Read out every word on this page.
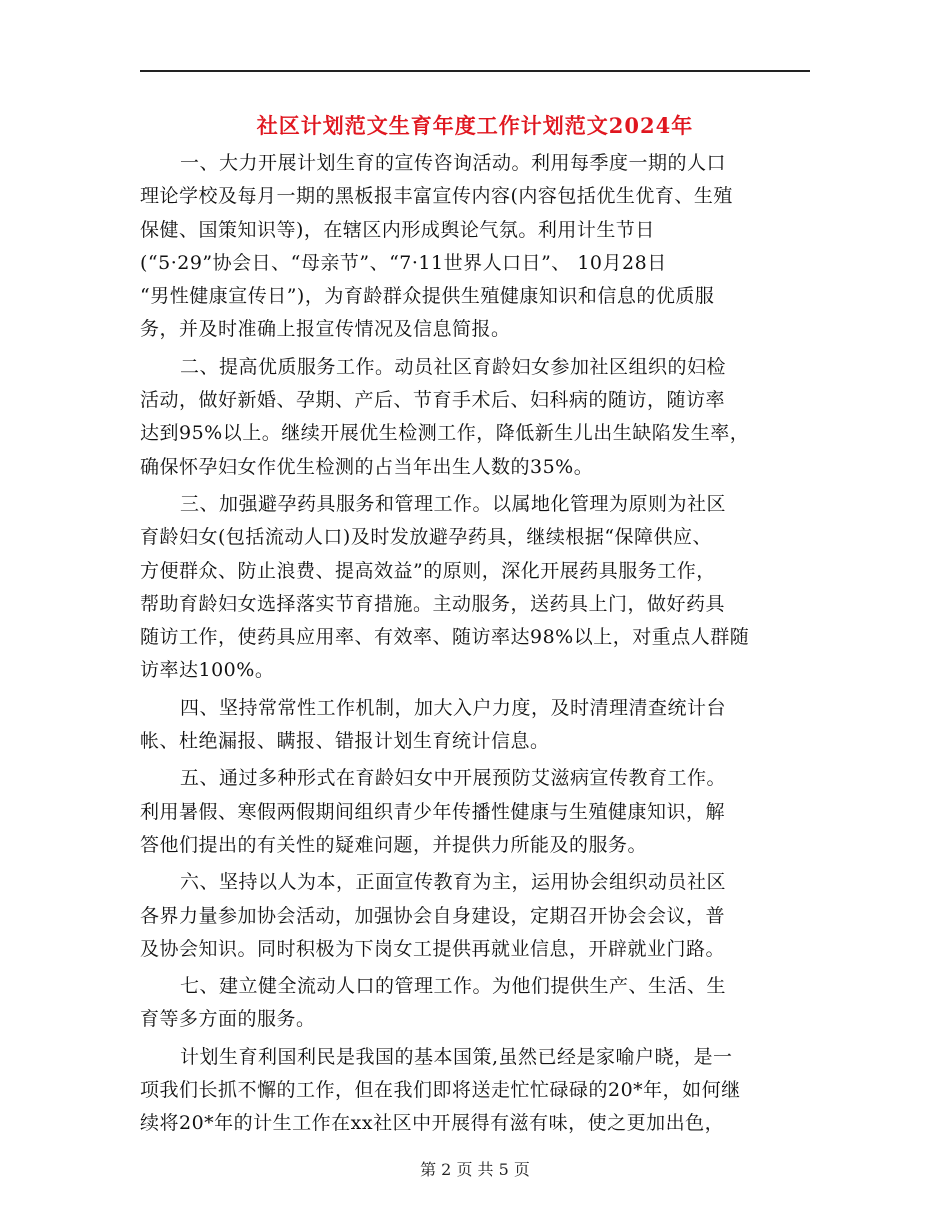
社区计划范文生育年度工作计划范文2024年
一、大力开展计划生育的宣传咨询活动。利用每季度一期的人口
理论学校及每月一期的黑板报丰富宣传内容(内容包括优生优育、生殖
保健、国策知识等)，在辖区内形成舆论气氛。利用计生节日
(“5·29”协会日、“母亲节”、“7·11世界人口日”、 10月28日
“男性健康宣传日”)，为育龄群众提供生殖健康知识和信息的优质服
务，并及时准确上报宣传情况及信息简报。
二、提高优质服务工作。动员社区育龄妇女参加社区组织的妇检
活动，做好新婚、孕期、产后、节育手术后、妇科病的随访，随访率
达到95%以上。继续开展优生检测工作，降低新生儿出生缺陷发生率，
确保怀孕妇女作优生检测的占当年出生人数的35%。
三、加强避孕药具服务和管理工作。以属地化管理为原则为社区
育龄妇女(包括流动人口)及时发放避孕药具，继续根据“保障供应、
方便群众、防止浪费、提高效益”的原则，深化开展药具服务工作，
帮助育龄妇女选择落实节育措施。主动服务，送药具上门，做好药具
随访工作，使药具应用率、有效率、随访率达98%以上，对重点人群随
访率达100%。
四、坚持常常性工作机制，加大入户力度，及时清理清查统计台
帐、杜绝漏报、瞒报、错报计划生育统计信息。
五、通过多种形式在育龄妇女中开展预防艾滋病宣传教育工作。
利用暑假、寒假两假期间组织青少年传播性健康与生殖健康知识，解
答他们提出的有关性的疑难问题，并提供力所能及的服务。
六、坚持以人为本，正面宣传教育为主，运用协会组织动员社区
各界力量参加协会活动，加强协会自身建设，定期召开协会会议，普
及协会知识。同时积极为下岗女工提供再就业信息，开辟就业门路。
七、建立健全流动人口的管理工作。为他们提供生产、生活、生
育等多方面的服务。
计划生育利国利民是我国的基本国策,虽然已经是家喻户晓，是一
项我们长抓不懈的工作，但在我们即将送走忙忙碌碌的20*年，如何继
续将20*年的计生工作在xx社区中开展得有滋有味，使之更加出色，
第 2 页 共 5 页
